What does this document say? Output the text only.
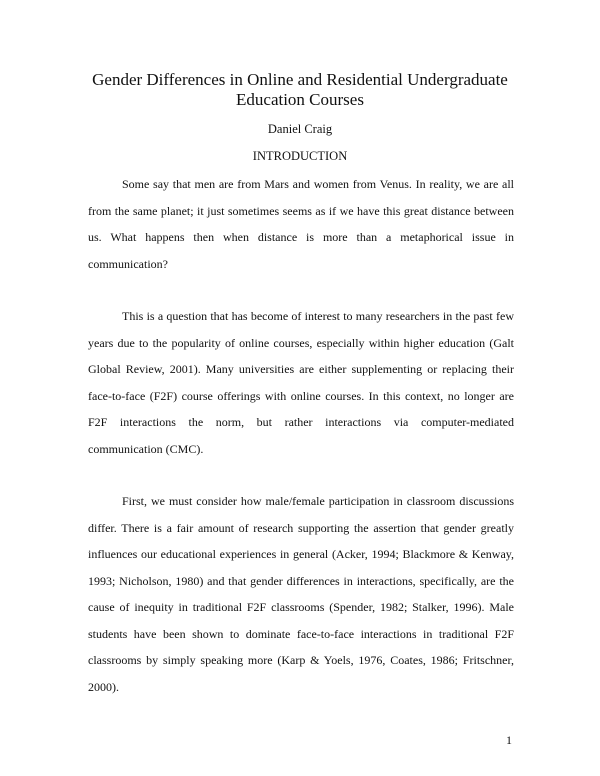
Gender Differences in Online and Residential Undergraduate
Education Courses
Daniel Craig
INTRODUCTION

Some say that men are from Mars and women from Venus. In reality, we are all from the same planet; it just sometimes seems as if we have this great distance between us. What happens then when distance is more than a metaphorical issue in communication?

This is a question that has become of interest to many researchers in the past few years due to the popularity of online courses, especially within higher education (Galt Global Review, 2001). Many universities are either supplementing or replacing their face-to-face (F2F) course offerings with online courses. In this context, no longer are F2F interactions the norm, but rather interactions via computer-mediated communication (CMC).

First, we must consider how male/female participation in classroom discussions differ. There is a fair amount of research supporting the assertion that gender greatly influences our educational experiences in general (Acker, 1994; Blackmore & Kenway, 1993; Nicholson, 1980) and that gender differences in interactions, specifically, are the cause of inequity in traditional F2F classrooms (Spender, 1982; Stalker, 1996). Male students have been shown to dominate face-to-face interactions in traditional F2F classrooms by simply speaking more (Karp & Yoels, 1976, Coates, 1986; Fritschner, 2000).

1
